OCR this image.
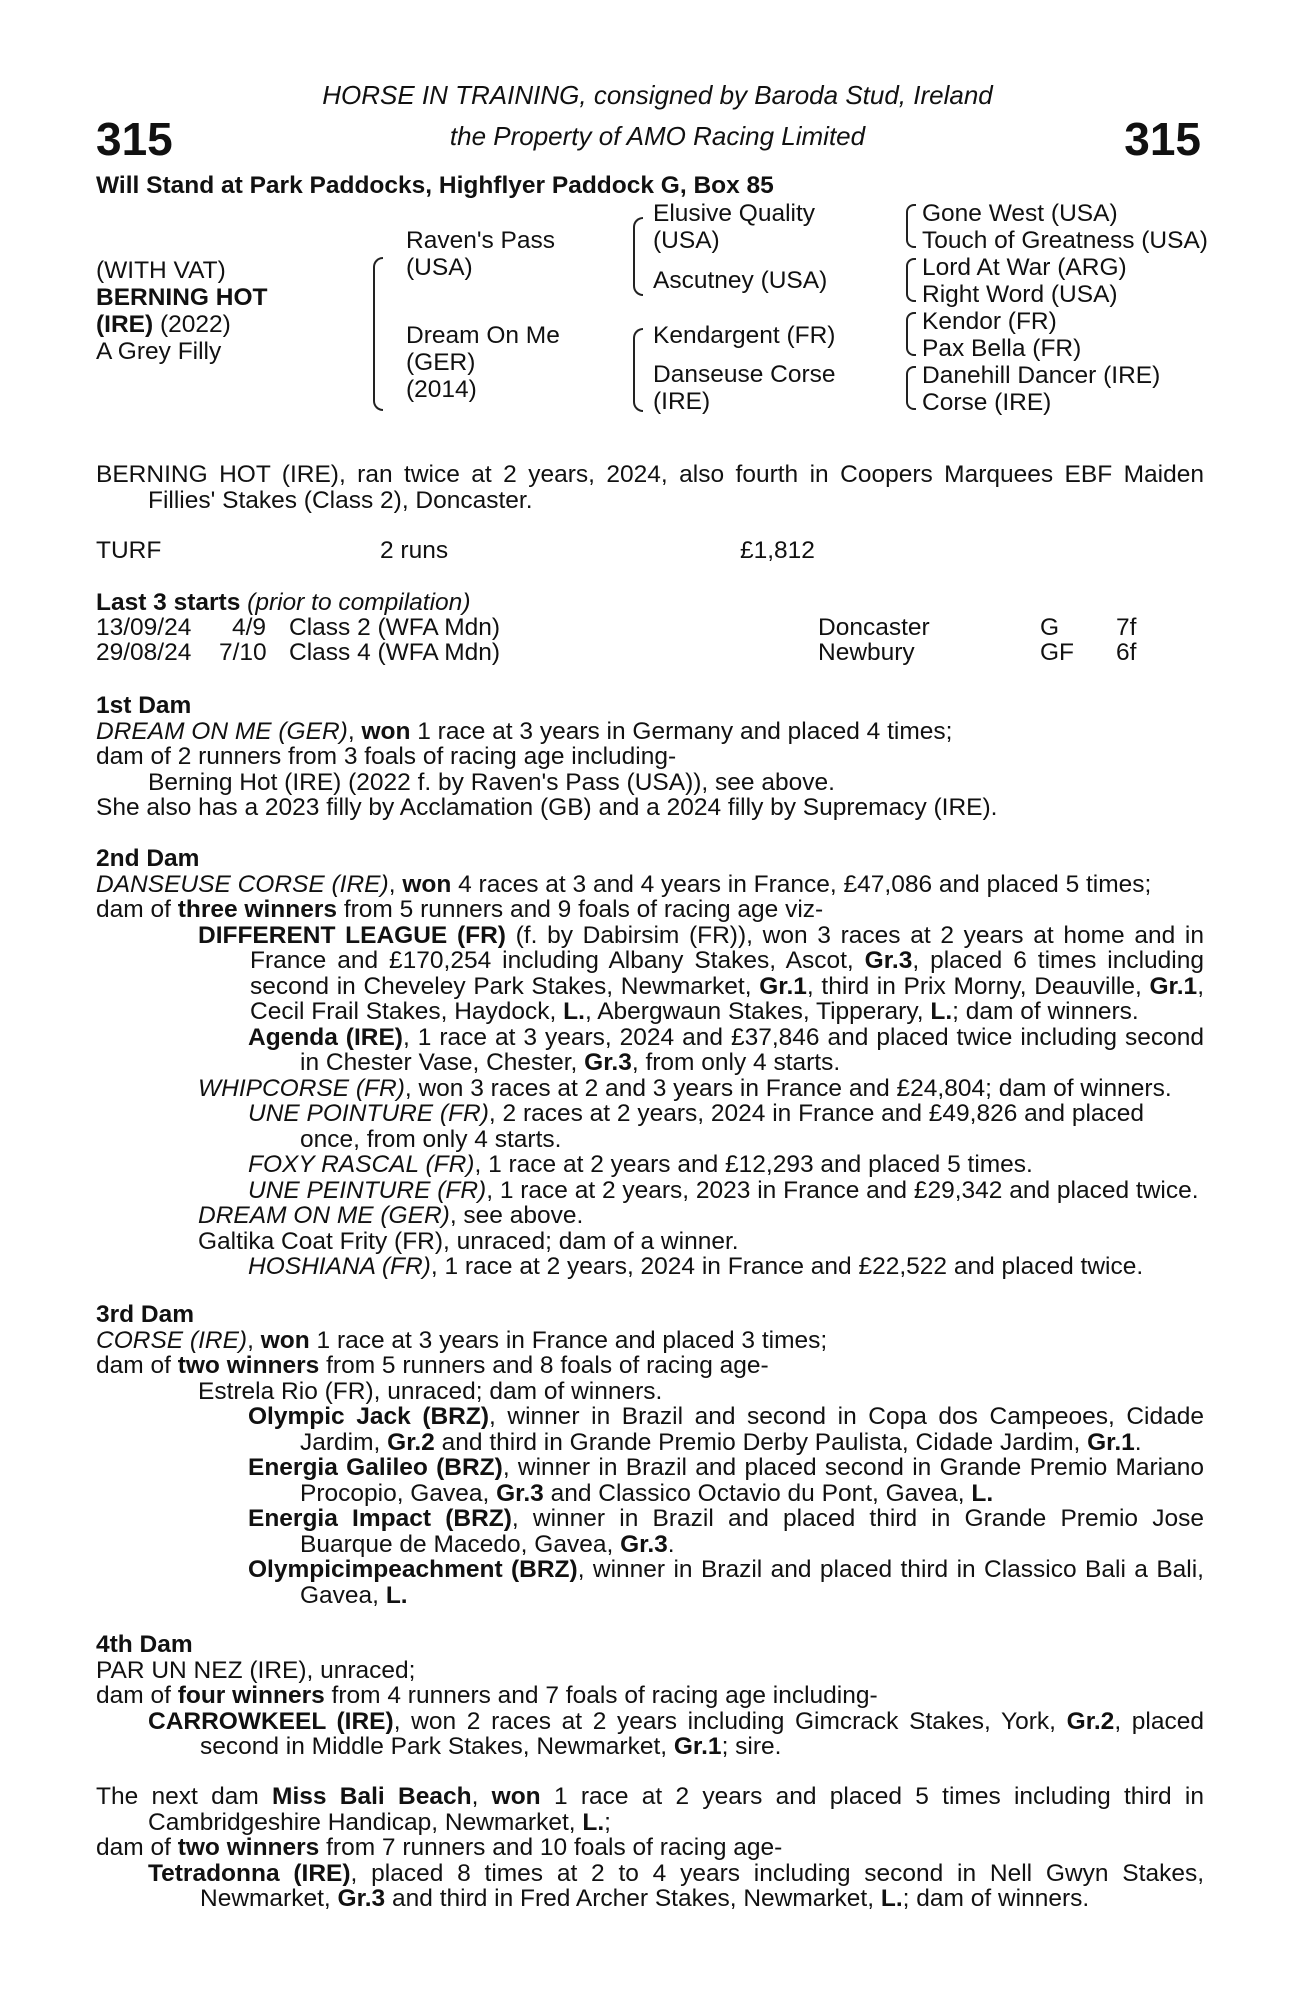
315	315
HORSE IN TRAINING, consigned by Baroda Stud, Ireland
the Property of AMO Racing Limited
Will Stand at Park Paddocks, Highflyer Paddock G, Box 85
(WITH VAT)
BERNING HOT
(IRE) (2022)
A Grey Filly
Raven's Pass
(USA)
Dream On Me
(GER)
(2014)
Elusive Quality
(USA)
Ascutney (USA)
Kendargent (FR)
Danseuse Corse
(IRE)
Gone West (USA)
Touch of Greatness (USA)
Lord At War (ARG)
Right Word (USA)
Kendor (FR)
Pax Bella (FR)
Danehill Dancer (IRE)
Corse (IRE)

BERNING HOT (IRE), ran twice at 2 years, 2024, also fourth in Coopers Marquees EBF Maiden Fillies' Stakes (Class 2), Doncaster.

TURF	2 runs	£1,812
Last 3 starts (prior to compilation)
13/09/24 4/9 Class 2 (WFA Mdn)	Doncaster	G 7f
29/08/24 7/10 Class 4 (WFA Mdn)	Newbury	GF 6f
1st Dam

DREAM ON ME (GER), won 1 race at 3 years in Germany and placed 4 times;

dam of 2 runners from 3 foals of racing age including-

Berning Hot (IRE) (2022 f. by Raven's Pass (USA)), see above.

She also has a 2023 filly by Acclamation (GB) and a 2024 filly by Supremacy (IRE).

2nd Dam

DANSEUSE CORSE (IRE), won 4 races at 3 and 4 years in France, £47,086 and placed 5 times;

dam of three winners from 5 runners and 9 foals of racing age viz-

DIFFERENT LEAGUE (FR) (f. by Dabirsim (FR)), won 3 races at 2 years at home and in France and £170,254 including Albany Stakes, Ascot, Gr.3, placed 6 times including second in Cheveley Park Stakes, Newmarket, Gr.1, third in Prix Morny, Deauville, Gr.1, Cecil Frail Stakes, Haydock, L., Abergwaun Stakes, Tipperary, L.; dam of winners.

Agenda (IRE), 1 race at 3 years, 2024 and £37,846 and placed twice including second in Chester Vase, Chester, Gr.3, from only 4 starts.

WHIPCORSE (FR), won 3 races at 2 and 3 years in France and £24,804; dam of winners.

UNE POINTURE (FR), 2 races at 2 years, 2024 in France and £49,826 and placed once, from only 4 starts.

FOXY RASCAL (FR), 1 race at 2 years and £12,293 and placed 5 times.

UNE PEINTURE (FR), 1 race at 2 years, 2023 in France and £29,342 and placed twice.

DREAM ON ME (GER), see above.

Galtika Coat Frity (FR), unraced; dam of a winner.

HOSHIANA (FR), 1 race at 2 years, 2024 in France and £22,522 and placed twice.

3rd Dam

CORSE (IRE), won 1 race at 3 years in France and placed 3 times;

dam of two winners from 5 runners and 8 foals of racing age-

Estrela Rio (FR), unraced; dam of winners.

Olympic Jack (BRZ), winner in Brazil and second in Copa dos Campeoes, Cidade Jardim, Gr.2 and third in Grande Premio Derby Paulista, Cidade Jardim, Gr.1.

Energia Galileo (BRZ), winner in Brazil and placed second in Grande Premio Mariano Procopio, Gavea, Gr.3 and Classico Octavio du Pont, Gavea, L.

Energia Impact (BRZ), winner in Brazil and placed third in Grande Premio Jose Buarque de Macedo, Gavea, Gr.3.

Olympicimpeachment (BRZ), winner in Brazil and placed third in Classico Bali a Bali, Gavea, L.

4th Dam

PAR UN NEZ (IRE), unraced;

dam of four winners from 4 runners and 7 foals of racing age including-

CARROWKEEL (IRE), won 2 races at 2 years including Gimcrack Stakes, York, Gr.2, placed second in Middle Park Stakes, Newmarket, Gr.1; sire.

The next dam Miss Bali Beach, won 1 race at 2 years and placed 5 times including third in Cambridgeshire Handicap, Newmarket, L.;

dam of two winners from 7 runners and 10 foals of racing age-

Tetradonna (IRE), placed 8 times at 2 to 4 years including second in Nell Gwyn Stakes, Newmarket, Gr.3 and third in Fred Archer Stakes, Newmarket, L.; dam of winners.
